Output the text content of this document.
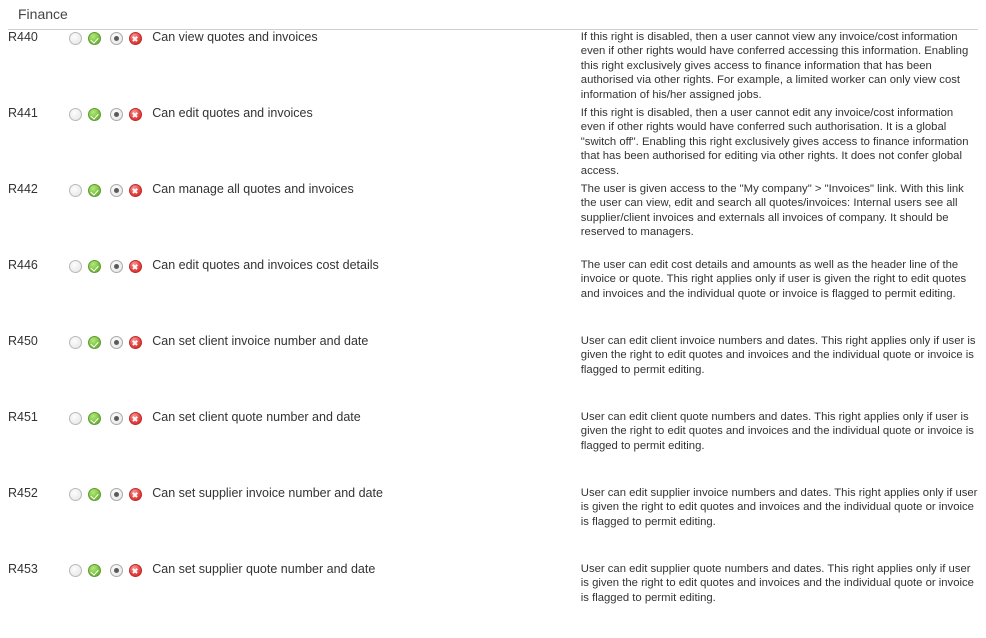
Finance
R440		Can view quotes and invoices	If this right is disabled, then a user cannot view any invoice/cost information even if other rights would have conferred accessing this information. Enabling this right exclusively gives access to finance information that has been authorised via other rights. For example, a limited worker can only view cost information of his/her assigned jobs.
R441		Can edit quotes and invoices	If this right is disabled, then a user cannot edit any invoice/cost information even if other rights would have conferred such authorisation. It is a global "switch off". Enabling this right exclusively gives access to finance information that has been authorised for editing via other rights. It does not confer global access.
R442		Can manage all quotes and invoices	The user is given access to the "My company" > "Invoices" link. With this link the user can view, edit and search all quotes/invoices: Internal users see all supplier/client invoices and externals all invoices of company. It should be reserved to managers.
R446		Can edit quotes and invoices cost details	The user can edit cost details and amounts as well as the header line of the invoice or quote. This right applies only if user is given the right to edit quotes and invoices and the individual quote or invoice is flagged to permit editing.
R450		Can set client invoice number and date	User can edit client invoice numbers and dates. This right applies only if user is given the right to edit quotes and invoices and the individual quote or invoice is flagged to permit editing.
R451		Can set client quote number and date	User can edit client quote numbers and dates. This right applies only if user is given the right to edit quotes and invoices and the individual quote or invoice is flagged to permit editing.
R452		Can set supplier invoice number and date	User can edit supplier invoice numbers and dates. This right applies only if user is given the right to edit quotes and invoices and the individual quote or invoice is flagged to permit editing.
R453		Can set supplier quote number and date	User can edit supplier quote numbers and dates. This right applies only if user is given the right to edit quotes and invoices and the individual quote or invoice is flagged to permit editing.
